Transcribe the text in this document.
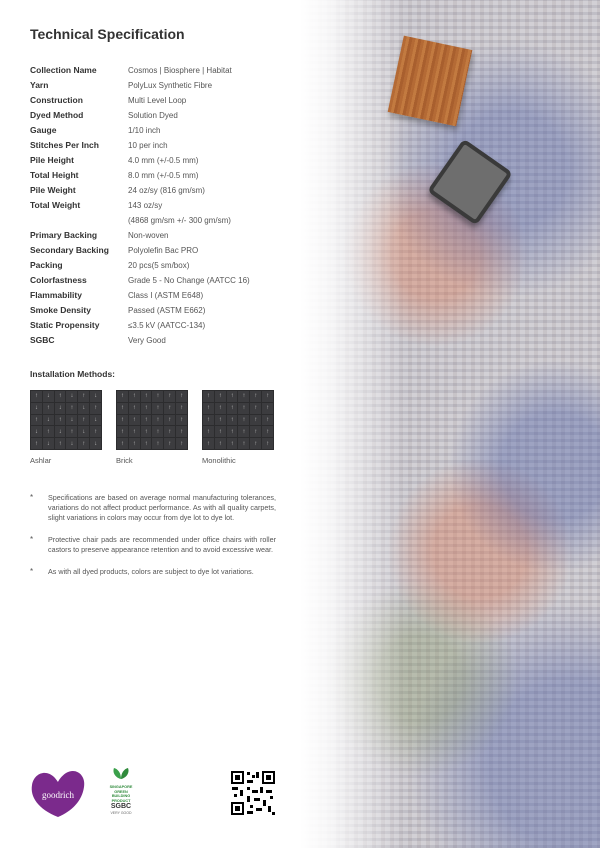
Technical Specification
Collection Name	Cosmos | Biosphere | Habitat
Yarn	PolyLux Synthetic Fibre
Construction	Multi Level Loop
Dyed Method	Solution Dyed
Gauge	1/10 inch
Stitches Per Inch	10 per inch
Pile Height	4.0 mm (+/-0.5 mm)
Total Height	8.0 mm (+/-0.5 mm)
Pile Weight	24 oz/sy (816 gm/sm)
Total Weight	143 oz/sy
(4868 gm/sm +/- 300 gm/sm)
Primary Backing	Non-woven
Secondary Backing	Polyolefin Bac PRO
Packing	20 pcs(5 sm/box)
Colorfastness	Grade 5 - No Change (AATCC 16)
Flammability	Class I (ASTM E648)
Smoke Density	Passed (ASTM E662)
Static Propensity	≤3.5 kV (AATCC-134)
SGBC	Very Good
Installation Methods:
↑	↓	↑	↓	↑	↓
↓	↑	↓	↑	↓	↑
↑	↓	↑	↓	↑	↓
↓	↑	↓	↑	↓	↑
↑	↓	↑	↓	↑	↓
Ashlar
↑	↑	↑	↑	↑	↑
↑	↑	↑	↑	↑	↑
↑	↑	↑	↑	↑	↑
↑	↑	↑	↑	↑	↑
↑	↑	↑	↑	↑	↑
Brick
↑	↑	↑	↑	↑	↑
↑	↑	↑	↑	↑	↑
↑	↑	↑	↑	↑	↑
↑	↑	↑	↑	↑	↑
↑	↑	↑	↑	↑	↑
Monolithic
*	Specifications are based on average normal manufacturing tolerances, variations do not affect product performance. As with all quality carpets, slight variations in colors may occur from dye lot to dye lot.
*	Protective chair pads are recommended under office chairs with roller castors to preserve appearance retention and to avoid excessive wear.
*	As with all dyed products, colors are subject to dye lot variations.
goodrich
SINGAPORE GREEN BUILDING PRODUCT
SGBC
VERY GOOD
